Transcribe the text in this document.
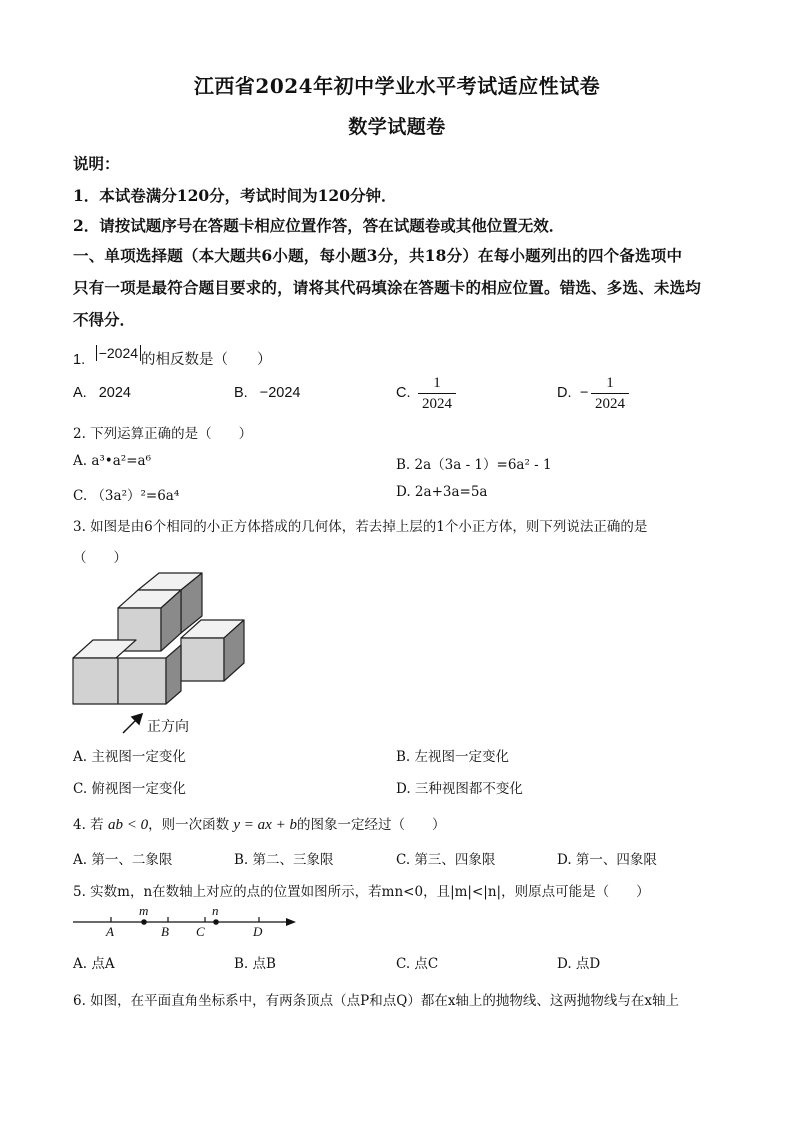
江西省2024年初中学业水平考试适应性试卷
数学试题卷
说明：
1．本试卷满分120分，考试时间为120分钟．
2．请按试题序号在答题卡相应位置作答，答在试题卷或其他位置无效．
一、单项选择题（本大题共6小题，每小题3分，共18分）在每小题列出的四个备选项中
只有一项是最符合题目要求的，请将其代码填涂在答题卡的相应位置。错选、多选、未选均
不得分．
1. −2024 的相反数是（　　）
A. 2024	B. −2024	C. $\frac{1}{2024}$	D. − $\frac{1}{2024}$
2. 下列运算正确的是（　　）
A. a³•a²=a⁶	B. 2a（3a - 1）=6a² - 1
C. （3a²）²=6a⁴	D. 2a+3a=5a
3. 如图是由6个相同的小正方体搭成的几何体，若去掉上层的1个小正方体，则下列说法正确的是
（　　）
正方向
A. 主视图一定变化	B. 左视图一定变化
C. 俯视图一定变化	D. 三种视图都不变化
4. 若 ab < 0，则一次函数 y = ax + b的图象一定经过（　　）
A. 第一、二象限	B. 第二、三象限	C. 第三、四象限	D. 第一、四象限
5. 实数m，n在数轴上对应的点的位置如图所示，若mn<0，且|m|<|n|，则原点可能是（　　）
m	n
A	B C	D
A. 点A	B. 点B	C. 点C	D. 点D
6. 如图，在平面直角坐标系中，有两条顶点（点P和点Q）都在x轴上的抛物线、这两抛物线与在x轴上
